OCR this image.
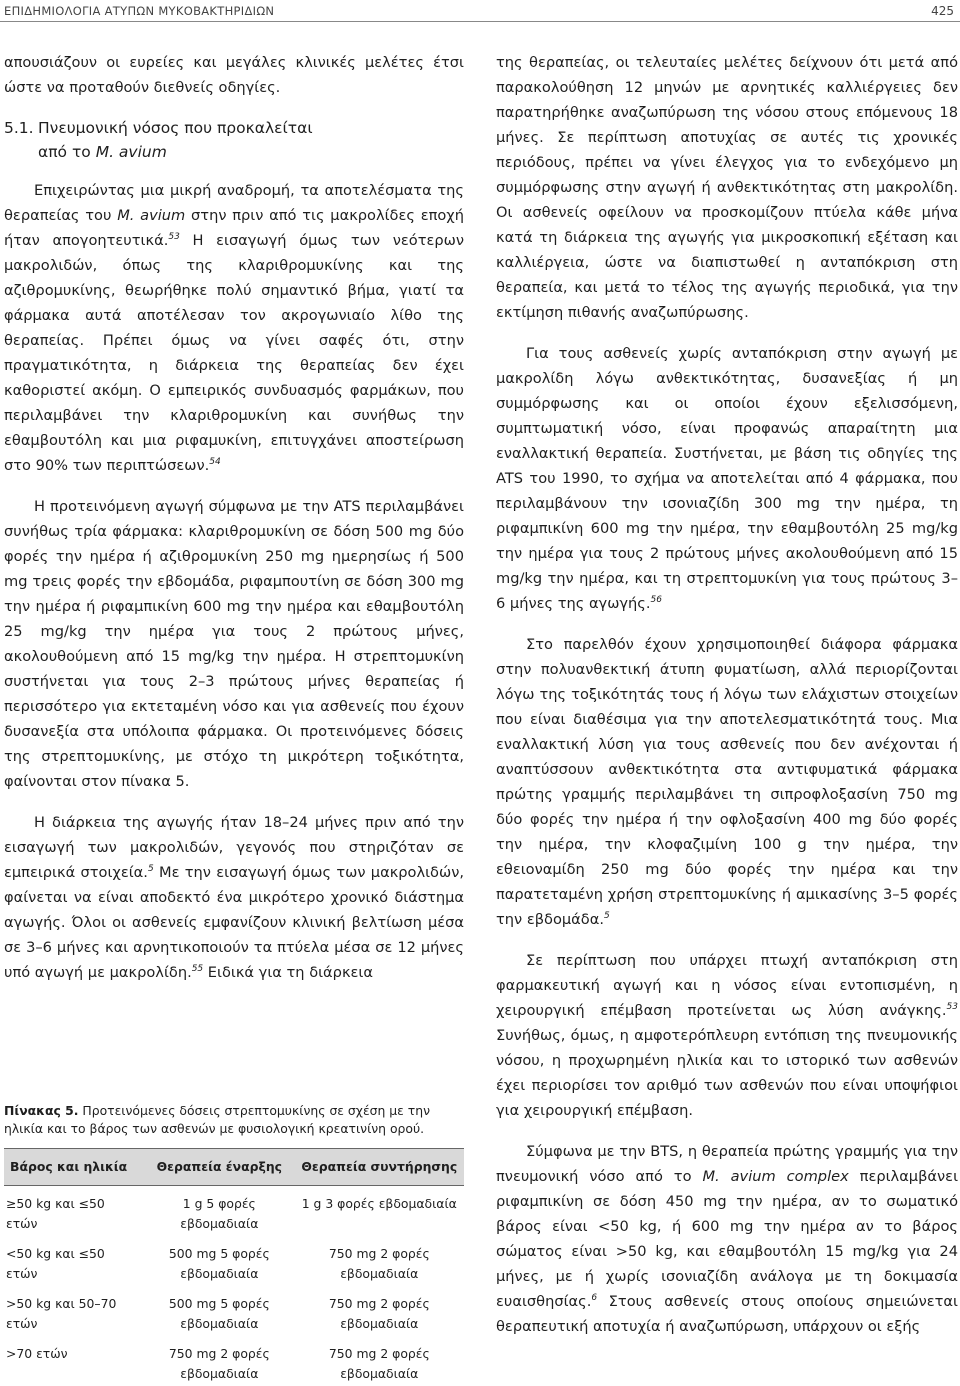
ΕΠΙΔΗΜΙΟΛΟΓΙΑ ΑΤΥΠΩΝ ΜΥΚΟΒΑΚΤΗΡΙΔΙΩΝ	425

απουσιάζουν οι ευρείες και μεγάλες κλινικές μελέτες έτσι ώστε να προταθούν διεθνείς οδηγίες.

5.1. Πνευμονική νόσος που προκαλείται
από το M. avium

Επιχειρώντας μια μικρή αναδρομή, τα αποτελέσματα της θεραπείας του M. avium στην πριν από τις μακρολίδες εποχή ήταν απογοητευτικά.$^{53}$ Η εισαγωγή όμως των νεότερων μακρολιδών, όπως της κλαριθρομυκίνης και της αζιθρομυκίνης, θεωρήθηκε πολύ σημαντικό βήμα, γιατί τα φάρμακα αυτά αποτέλεσαν τον ακρογωνιαίο λίθο της θεραπείας. Πρέπει όμως να γίνει σαφές ότι, στην πραγματικότητα, η διάρκεια της θεραπείας δεν έχει καθοριστεί ακόμη. Ο εμπειρικός συνδυασμός φαρμάκων, που περιλαμβάνει την κλαριθρομυκίνη και συνήθως την εθαμβουτόλη και μια ριφαμυκίνη, επιτυγχάνει αποστείρωση στο 90% των περιπτώσεων.$^{54}$

Η προτεινόμενη αγωγή σύμφωνα με την ATS περιλαμβάνει συνήθως τρία φάρμακα: κλαριθρομυκίνη σε δόση 500 mg δύο φορές την ημέρα ή αζιθρομυκίνη 250 mg ημερησίως ή 500 mg τρεις φορές την εβδομάδα, ριφαμπουτίνη σε δόση 300 mg την ημέρα ή ριφαμπικίνη 600 mg την ημέρα και εθαμβουτόλη 25 mg/kg την ημέρα για τους 2 πρώτους μήνες, ακολουθούμενη από 15 mg/kg την ημέρα. Η στρεπτομυκίνη συστήνεται για τους 2–3 πρώτους μήνες θεραπείας ή περισσότερο για εκτεταμένη νόσο και για ασθενείς που έχουν δυσανεξία στα υπόλοιπα φάρμακα. Οι προτεινόμενες δόσεις της στρεπτομυκίνης, με στόχο τη μικρότερη τοξικότητα, φαίνονται στον πίνακα 5.

Η διάρκεια της αγωγής ήταν 18–24 μήνες πριν από την εισαγωγή των μακρολιδών, γεγονός που στηριζόταν σε εμπειρικά στοιχεία.$^5$ Με την εισαγωγή όμως των μακρολιδών, φαίνεται να είναι αποδεκτό ένα μικρότερο χρονικό διάστημα αγωγής. Όλοι οι ασθενείς εμφανίζουν κλινική βελτίωση μέσα σε 3–6 μήνες και αρνητικοποιούν τα πτύελα μέσα σε 12 μήνες υπό αγωγή με μακρολίδη.$^{55}$ Ειδικά για τη διάρκεια

Πίνακας 5. Προτεινόμενες δόσεις στρεπτομυκίνης σε σχέση με την ηλικία και το βάρος των ασθενών με φυσιολογική κρεατινίνη ορού.
Βάρος και ηλικία	Θεραπεία έναρξης	Θεραπεία συντήρησης
≥50 kg και ≤50 ετών	1 g 5 φορές εβδομαδιαία	1 g 3 φορές εβδομαδιαία
<50 kg και ≤50 ετών	500 mg 5 φορές εβδομαδιαία	750 mg 2 φορές εβδομαδιαία
>50 kg και 50–70 ετών	500 mg 5 φορές εβδομαδιαία	750 mg 2 φορές εβδομαδιαία
>70 ετών	750 mg 2 φορές εβδομαδιαία	750 mg 2 φορές εβδομαδιαία

της θεραπείας, οι τελευταίες μελέτες δείχνουν ότι μετά από παρακολούθηση 12 μηνών με αρνητικές καλλιέργειες δεν παρατηρήθηκε αναζωπύρωση της νόσου στους επόμενους 18 μήνες. Σε περίπτωση αποτυχίας σε αυτές τις χρονικές περιόδους, πρέπει να γίνει έλεγχος για το ενδεχόμενο μη συμμόρφωσης στην αγωγή ή ανθεκτικότητας στη μακρολίδη. Οι ασθενείς οφείλουν να προσκομίζουν πτύελα κάθε μήνα κατά τη διάρκεια της αγωγής για μικροσκοπική εξέταση και καλλιέργεια, ώστε να διαπιστωθεί η ανταπόκριση στη θεραπεία, και μετά το τέλος της αγωγής περιοδικά, για την εκτίμηση πιθανής αναζωπύρωσης.

Για τους ασθενείς χωρίς ανταπόκριση στην αγωγή με μακρολίδη λόγω ανθεκτικότητας, δυσανεξίας ή μη συμμόρφωσης και οι οποίοι έχουν εξελισσόμενη, συμπτωματική νόσο, είναι προφανώς απαραίτητη μια εναλλακτική θεραπεία. Συστήνεται, με βάση τις οδηγίες της ATS του 1990, το σχήμα να αποτελείται από 4 φάρμακα, που περιλαμβάνουν την ισονιαζίδη 300 mg την ημέρα, τη ριφαμπικίνη 600 mg την ημέρα, την εθαμβουτόλη 25 mg/kg την ημέρα για τους 2 πρώτους μήνες ακολουθούμενη από 15 mg/kg την ημέρα, και τη στρεπτομυκίνη για τους πρώτους 3–6 μήνες της αγωγής.$^{56}$

Στο παρελθόν έχουν χρησιμοποιηθεί διάφορα φάρμακα στην πολυανθεκτική άτυπη φυματίωση, αλλά περιορίζονται λόγω της τοξικότητάς τους ή λόγω των ελάχιστων στοιχείων που είναι διαθέσιμα για την αποτελεσματικότητά τους. Μια εναλλακτική λύση για τους ασθενείς που δεν ανέχονται ή αναπτύσσουν ανθεκτικότητα στα αντιφυματικά φάρμακα πρώτης γραμμής περιλαμβάνει τη σιπροφλοξασίνη 750 mg δύο φορές την ημέρα ή την οφλοξασίνη 400 mg δύο φορές την ημέρα, την κλοφαζιμίνη 100 g την ημέρα, την εθειοναμίδη 250 mg δύο φορές την ημέρα και την παρατεταμένη χρήση στρεπτομυκίνης ή αμικασίνης 3–5 φορές την εβδομάδα.$^5$

Σε περίπτωση που υπάρχει πτωχή ανταπόκριση στη φαρμακευτική αγωγή και η νόσος είναι εντοπισμένη, η χειρουργική επέμβαση προτείνεται ως λύση ανάγκης.$^{53}$ Συνήθως, όμως, η αμφοτερόπλευρη εντόπιση της πνευμονικής νόσου, η προχωρημένη ηλικία και το ιστορικό των ασθενών έχει περιορίσει τον αριθμό των ασθενών που είναι υποψήφιοι για χειρουργική επέμβαση.

Σύμφωνα με την BTS, η θεραπεία πρώτης γραμμής για την πνευμονική νόσο από το M. avium complex περιλαμβάνει ριφαμπικίνη σε δόση 450 mg την ημέρα, αν το σωματικό βάρος είναι <50 kg, ή 600 mg την ημέρα αν το βάρος σώματος είναι >50 kg, και εθαμβουτόλη 15 mg/kg για 24 μήνες, με ή χωρίς ισονιαζίδη ανάλογα με τη δοκιμασία ευαισθησίας.$^6$ Στους ασθενείς στους οποίους σημειώνεται θεραπευτική αποτυχία ή αναζωπύρωση, υπάρχουν οι εξής
